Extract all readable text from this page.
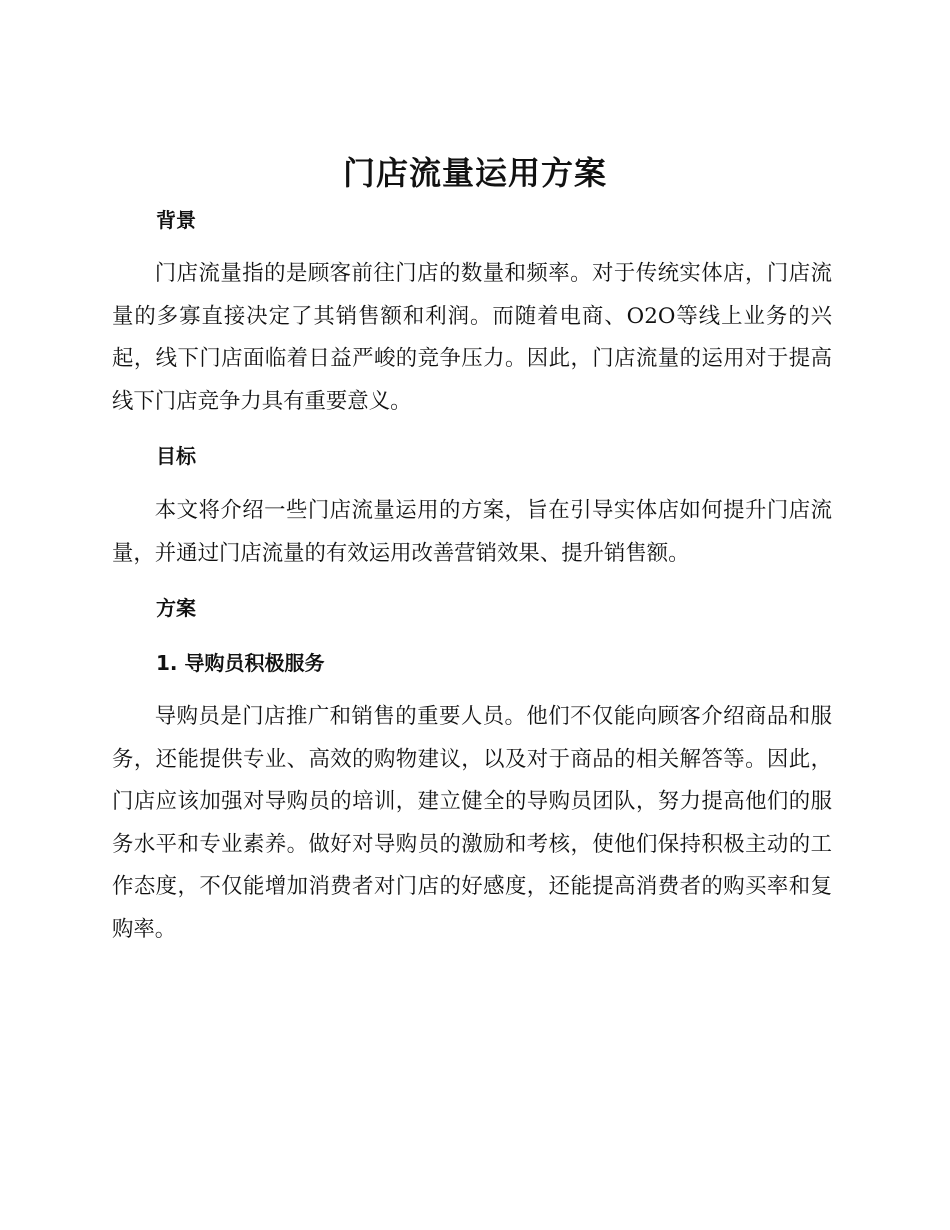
门店流量运用方案
背景

门店流量指的是顾客前往门店的数量和频率。对于传统实体店，门店流量的多寡直接决定了其销售额和利润。而随着电商、O2O等线上业务的兴起，线下门店面临着日益严峻的竞争压力。因此，门店流量的运用对于提高线下门店竞争力具有重要意义。

目标

本文将介绍一些门店流量运用的方案，旨在引导实体店如何提升门店流量，并通过门店流量的有效运用改善营销效果、提升销售额。

方案
1. 导购员积极服务

导购员是门店推广和销售的重要人员。他们不仅能向顾客介绍商品和服务，还能提供专业、高效的购物建议，以及对于商品的相关解答等。因此，门店应该加强对导购员的培训，建立健全的导购员团队，努力提高他们的服务水平和专业素养。做好对导购员的激励和考核，使他们保持积极主动的工作态度，不仅能增加消费者对门店的好感度，还能提高消费者的购买率和复购率。
